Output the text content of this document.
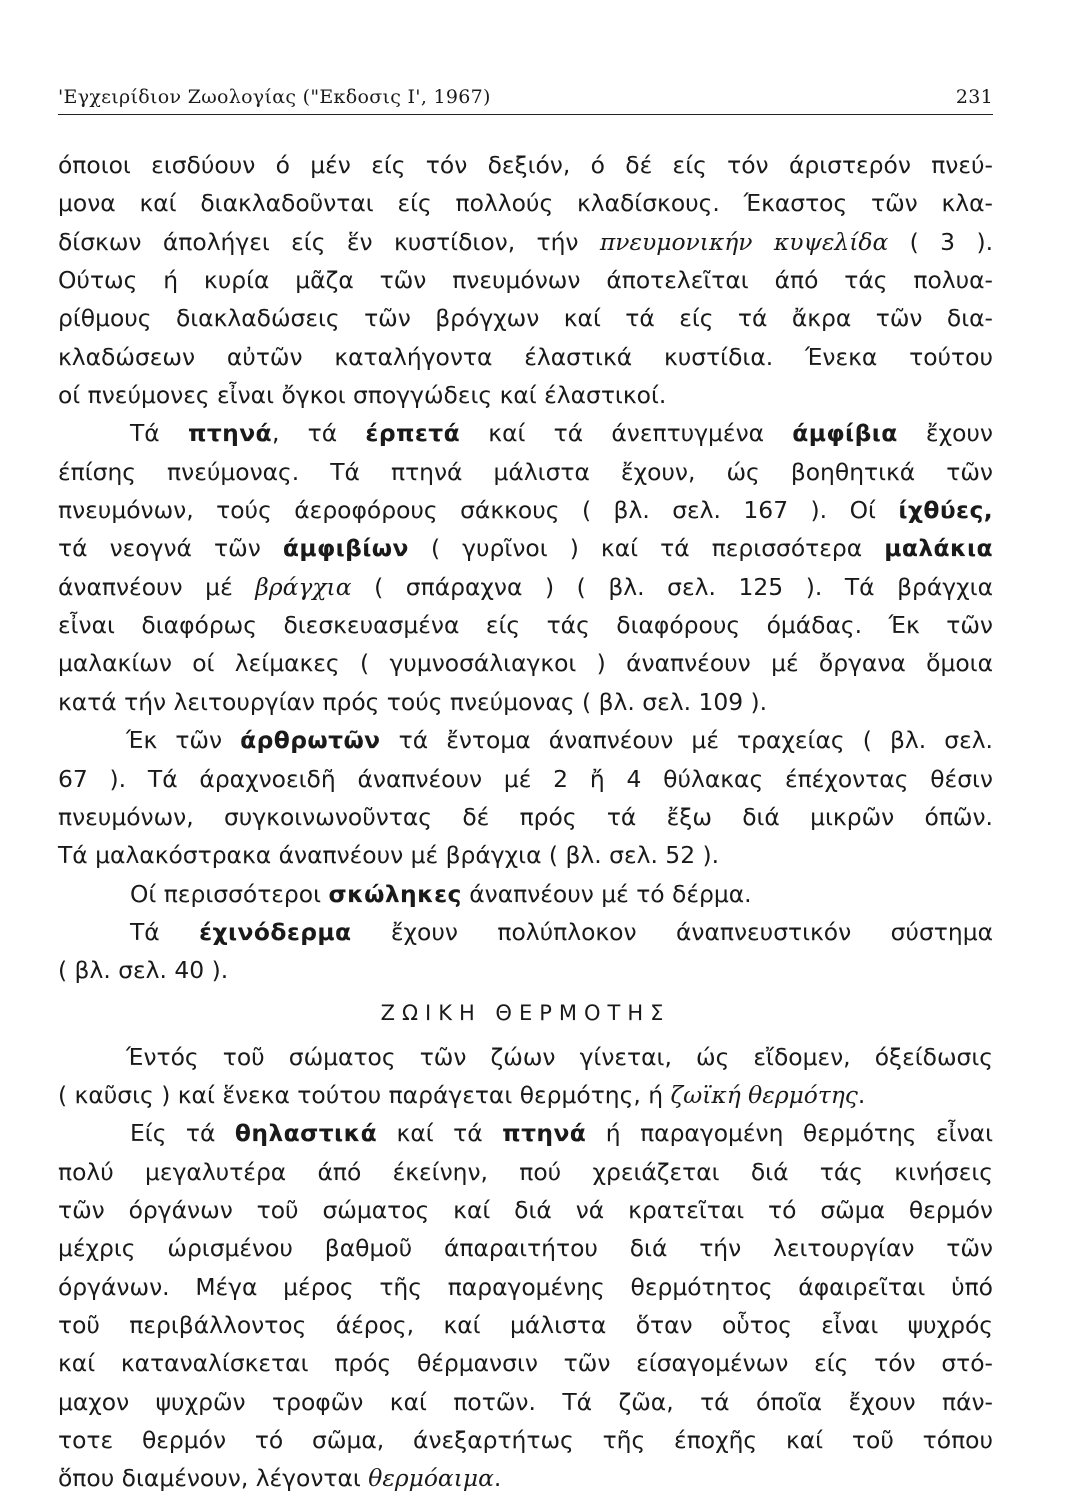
'Εγχειρίδιον Ζωολογίας ("Εκδοσις Ι', 1967)	231

όποιοι εισδύουν ό μέν είς τόν δεξιόν, ό δέ είς τόν άριστερόν πνεύ-
μονα καί διακλαδοῦνται είς πολλούς κλαδίσκους. Έκαστος τῶν κλα-
δίσκων άπολήγει είς ἕν κυστίδιον, τήν πνευμονικήν κυψελίδα ( 3 ).
Ούτως ή κυρία μᾶζα τῶν πνευμόνων άποτελεῖται άπό τάς πολυα-
ρίθμους διακλαδώσεις τῶν βρόγχων καί τά είς τά ἄκρα τῶν δια-
κλαδώσεων αὐτῶν καταλήγοντα έλαστικά κυστίδια. Ένεκα τούτου
οί πνεύμονες εἶναι ὄγκοι σπογγώδεις καί έλαστικοί.

Τά πτηνά, τά έρπετά καί τά άνεπτυγμένα άμφίβια ἔχουν
έπίσης πνεύμονας. Τά πτηνά μάλιστα ἔχουν, ώς βοηθητικά τῶν
πνευμόνων, τούς άεροφόρους σάκκους ( βλ. σελ. 167 ). Οί ίχθύες,
τά νεογνά τῶν άμφιβίων ( γυρῖνοι ) καί τά περισσότερα μαλάκια
άναπνέουν μέ βράγχια ( σπάραχνα ) ( βλ. σελ. 125 ). Τά βράγχια
εἶναι διαφόρως διεσκευασμένα είς τάς διαφόρους όμάδας. Έκ τῶν
μαλακίων οί λείμακες ( γυμνοσάλιαγκοι ) άναπνέουν μέ ὄργανα ὅμοια
κατά τήν λειτουργίαν πρός τούς πνεύμονας ( βλ. σελ. 109 ).

Έκ τῶν άρθρωτῶν τά ἔντομα άναπνέουν μέ τραχείας ( βλ. σελ.
67 ). Τά άραχνοειδῆ άναπνέουν μέ 2 ἤ 4 θύλακας έπέχοντας θέσιν
πνευμόνων, συγκοινωνοῦντας δέ πρός τά ἔξω διά μικρῶν όπῶν.
Τά μαλακόστρακα άναπνέουν μέ βράγχια ( βλ. σελ. 52 ).

Οί περισσότεροι σκώληκες άναπνέουν μέ τό δέρμα.

Τά έχινόδερμα ἔχουν πολύπλοκον άναπνευστικόν σύστημα
( βλ. σελ. 40 ).

ΖΩΙΚΗ ΘΕΡΜΟΤΗΣ

Έντός τοῦ σώματος τῶν ζώων γίνεται, ώς εἴδομεν, όξείδωσις
( καῦσις ) καί ἕνεκα τούτου παράγεται θερμότης, ή ζωϊκή θερμότης.

Είς τά θηλαστικά καί τά πτηνά ή παραγομένη θερμότης εἶναι
πολύ μεγαλυτέρα άπό έκείνην, πού χρειάζεται διά τάς κινήσεις
τῶν όργάνων τοῦ σώματος καί διά νά κρατεῖται τό σῶμα θερμόν
μέχρις ώρισμένου βαθμοῦ άπαραιτήτου διά τήν λειτουργίαν τῶν
όργάνων. Μέγα μέρος τῆς παραγομένης θερμότητος άφαιρεῖται ὑπό
τοῦ περιβάλλοντος άέρος, καί μάλιστα ὅταν οὗτος εἶναι ψυχρός
καί καταναλίσκεται πρός θέρμανσιν τῶν είσαγομένων είς τόν στό-
μαχον ψυχρῶν τροφῶν καί ποτῶν. Τά ζῶα, τά όποῖα ἔχουν πάν-
τοτε θερμόν τό σῶμα, άνεξαρτήτως τῆς έποχῆς καί τοῦ τόπου
ὅπου διαμένουν, λέγονται θερμόαιμα.
